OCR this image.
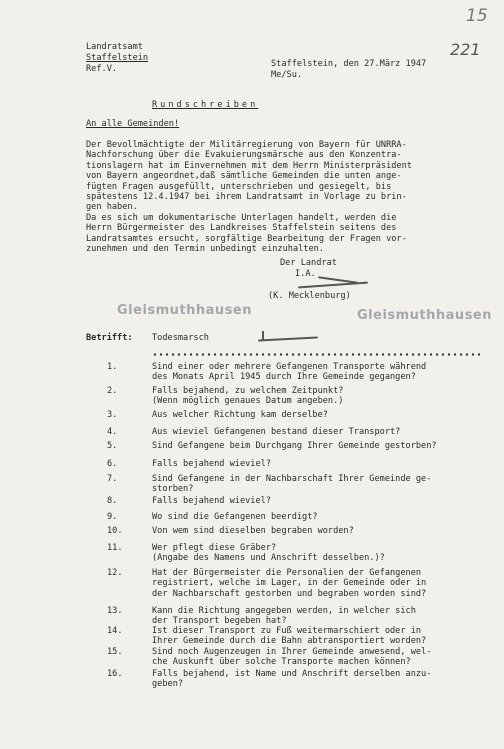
15
221
Landratsamt
Staffelstein
Ref.V.	Staffelstein, den 27.März 1947
Me/Su.
Rundschreiben
An alle Gemeinden!
Der Bevollmächtigte der Militärregierung von Bayern für UNRRA-
Nachforschung über die Evakuierungsmärsche aus den Konzentra-
tionslagern hat im Einvernehmen mit dem Herrn Ministerpräsident
von Bayern angeordnet,daß sämtliche Gemeinden die unten ange-
fügten Fragen ausgefüllt, unterschrieben und gesiegelt, bis
spätestens 12.4.1947 bei ihrem Landratsamt in Vorlage zu brin-
gen haben.
Da es sich um dokumentarische Unterlagen handelt, werden die
Herrn Bürgermeister des Landkreises Staffelstein seitens des
Landratsamtes ersucht, sorgfältige Bearbeitung der Fragen vor-
zunehmen und den Termin unbedingt einzuhalten.
Der Landrat
I.A.
(K. Mecklenburg)
Gleismuthhausen	Gleismuthhausen
Betrifft: Todesmarsch
1.	Sind einer oder mehrere Gefangenen Transporte während
des Monats April 1945 durch Ihre Gemeinde gegangen?
2.	Falls bejahend, zu welchem Zeitpunkt?
(Wenn möglich genaues Datum angeben.)
3.	Aus welcher Richtung kam derselbe?
4.	Aus wieviel Gefangenen bestand dieser Transport?
5.	Sind Gefangene beim Durchgang Ihrer Gemeinde gestorben?
6.	Falls bejahend wieviel?
7.	Sind Gefangene in der Nachbarschaft Ihrer Gemeinde ge-
storben?
8.	Falls bejahend wieviel?
9.	Wo sind die Gefangenen beerdigt?
10.	Von wem sind dieselben begraben worden?
11.	Wer pflegt diese Gräber?
(Angabe des Namens und Anschrift desselben.)?
12.	Hat der Bürgermeister die Personalien der Gefangenen
registriert, welche im Lager, in der Gemeinde oder in
der Nachbarschaft gestorben und begraben worden sind?
13.	Kann die Richtung angegeben werden, in welcher sich
der Transport begeben hat?
14.	Ist dieser Transport zu Fuß weitermarschiert oder in
Ihrer Gemeinde durch die Bahn abtransportiert worden?
15.	Sind noch Augenzeugen in Ihrer Gemeinde anwesend, wel-
che Auskunft über solche Transporte machen können?
16.	Falls bejahend, ist Name und Anschrift derselben anzu-
geben?
